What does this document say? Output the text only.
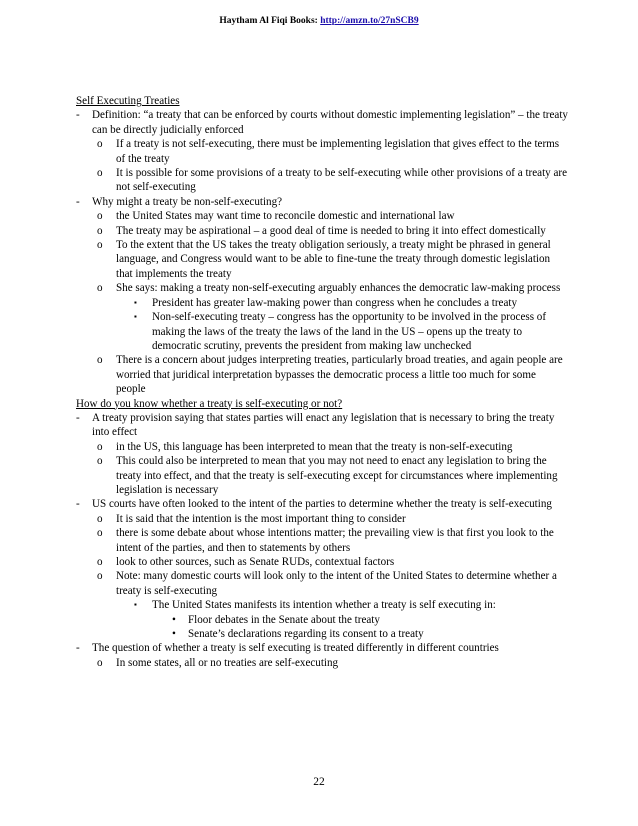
Haytham Al Fiqi Books: http://amzn.to/27nSCB9
Self Executing Treaties
- Definition: “a treaty that can be enforced by courts without domestic implementing legislation” – the treaty can be directly judicially enforced
o If a treaty is not self-executing, there must be implementing legislation that gives effect to the terms of the treaty
o It is possible for some provisions of a treaty to be self-executing while other provisions of a treaty are not self-executing
- Why might a treaty be non-self-executing?
o the United States may want time to reconcile domestic and international law
o The treaty may be aspirational – a good deal of time is needed to bring it into effect domestically
o To the extent that the US takes the treaty obligation seriously, a treaty might be phrased in general language, and Congress would want to be able to fine-tune the treaty through domestic legislation that implements the treaty
o She says: making a treaty non-self-executing arguably enhances the democratic law-making process
▪ President has greater law-making power than congress when he concludes a treaty
▪ Non-self-executing treaty – congress has the opportunity to be involved in the process of making the laws of the treaty the laws of the land in the US – opens up the treaty to democratic scrutiny, prevents the president from making law unchecked
o There is a concern about judges interpreting treaties, particularly broad treaties, and again people are worried that juridical interpretation bypasses the democratic process a little too much for some people
How do you know whether a treaty is self-executing or not?
- A treaty provision saying that states parties will enact any legislation that is necessary to bring the treaty into effect
o in the US, this language has been interpreted to mean that the treaty is non-self-executing
o This could also be interpreted to mean that you may not need to enact any legislation to bring the treaty into effect, and that the treaty is self-executing except for circumstances where implementing legislation is necessary
- US courts have often looked to the intent of the parties to determine whether the treaty is self-executing
o It is said that the intention is the most important thing to consider
o there is some debate about whose intentions matter; the prevailing view is that first you look to the intent of the parties, and then to statements by others
o look to other sources, such as Senate RUDs, contextual factors
o Note: many domestic courts will look only to the intent of the United States to determine whether a treaty is self-executing
▪ The United States manifests its intention whether a treaty is self executing in:
• Floor debates in the Senate about the treaty
• Senate’s declarations regarding its consent to a treaty
- The question of whether a treaty is self executing is treated differently in different countries
o In some states, all or no treaties are self-executing
22
